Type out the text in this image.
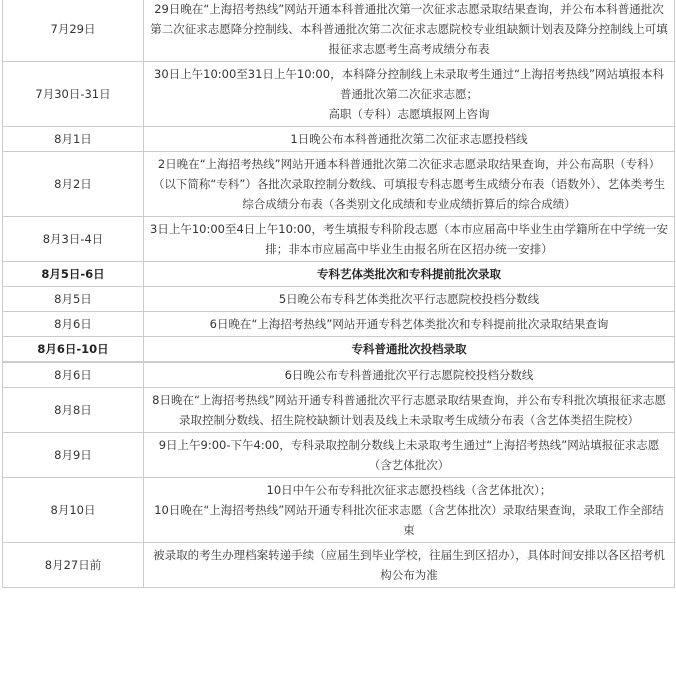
7月29日	29日晚在“上海招考热线”网站开通本科普通批次第一次征求志愿录取结果查询，并公布本科普通批次第二次征求志愿降分控制线、本科普通批次第二次征求志愿院校专业组缺额计划表及降分控制线上可填报征求志愿考生高考成绩分布表

7月30日-31日	30日上午10:00至31日上午10:00，本科降分控制线上未录取考生通过“上海招考热线”网站填报本科普通批次第二次征求志愿；
高职（专科）志愿填报网上咨询

8月1日	1日晚公布本科普通批次第二次征求志愿投档线

8月2日	2日晚在“上海招考热线”网站开通本科普通批次第二次征求志愿录取结果查询，并公布高职（专科）（以下简称“专科”）各批次录取控制分数线、可填报专科志愿考生成绩分布表（语数外）、艺体类考生综合成绩分布表（各类别文化成绩和专业成绩折算后的综合成绩）

8月3日-4日	3日上午10:00至4日上午10:00，考生填报专科阶段志愿（本市应届高中毕业生由学籍所在中学统一安排；非本市应届高中毕业生由报名所在区招办统一安排）

8月5日-6日	专科艺体类批次和专科提前批次录取

8月5日	5日晚公布专科艺体类批次平行志愿院校投档分数线

8月6日	6日晚在“上海招考热线”网站开通专科艺体类批次和专科提前批次录取结果查询

8月6日-10日	专科普通批次投档录取
8月6日	6日晚公布专科普通批次平行志愿院校投档分数线

8月8日	8日晚在“上海招考热线”网站开通专科普通批次平行志愿录取结果查询，并公布专科批次填报征求志愿录取控制分数线、招生院校缺额计划表及线上未录取考生成绩分布表（含艺体类招生院校）

8月9日	9日上午9:00-下午4:00，专科录取控制分数线上未录取考生通过“上海招考热线”网站填报征求志愿（含艺体批次）

8月10日	10日中午公布专科批次征求志愿投档线（含艺体批次）；
10日晚在“上海招考热线”网站开通专科批次征求志愿（含艺体批次）录取结果查询，录取工作全部结束

8月27日前	被录取的考生办理档案转递手续（应届生到毕业学校，往届生到区招办），具体时间安排以各区招考机构公布为准
